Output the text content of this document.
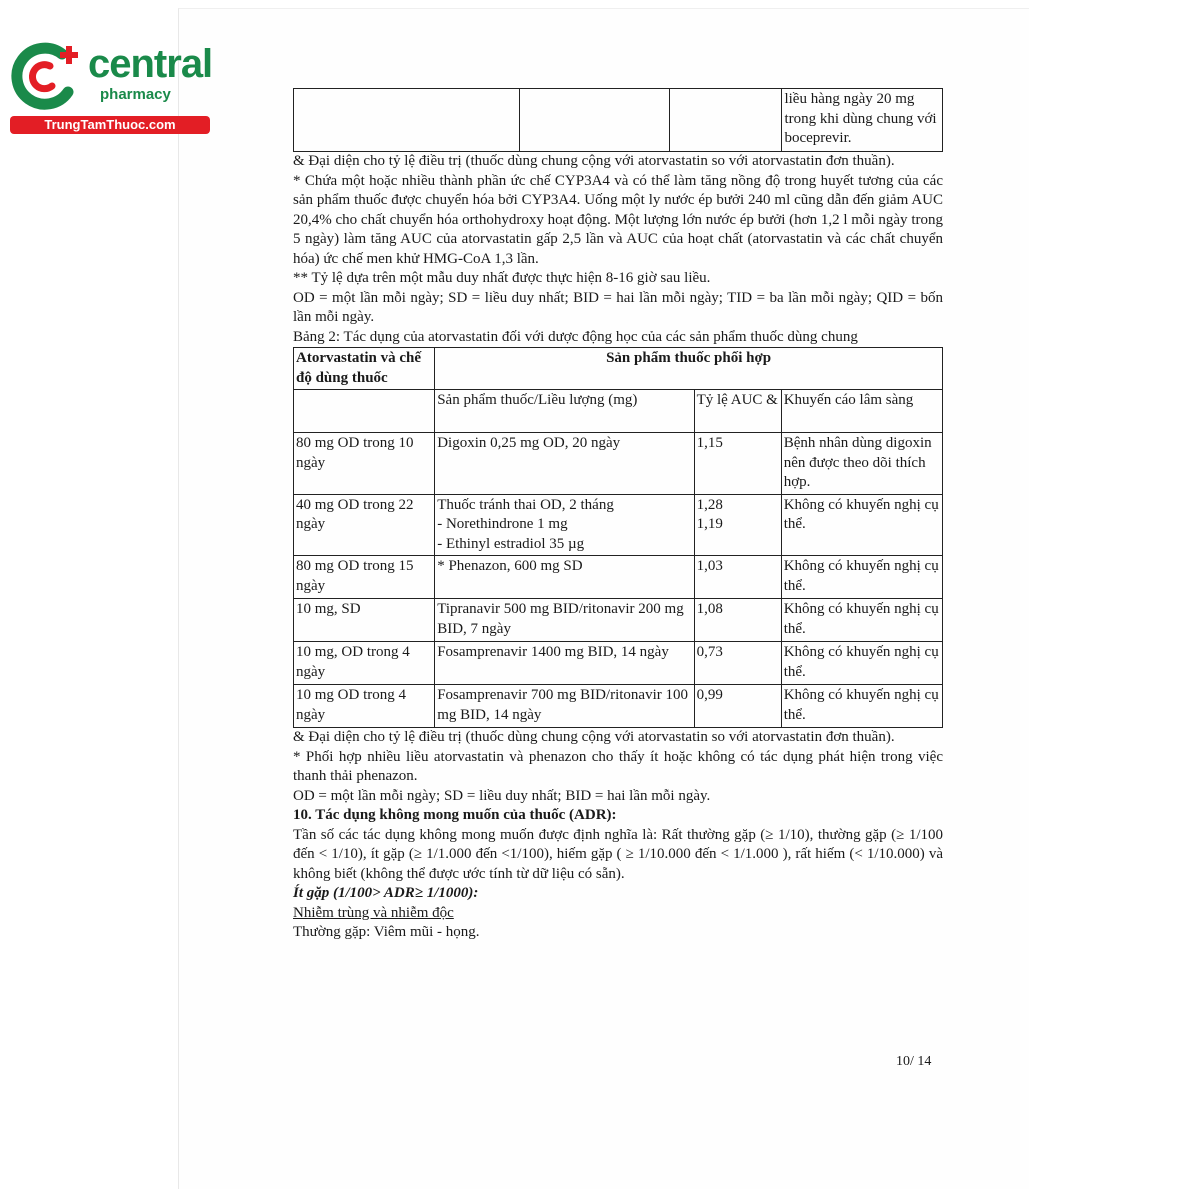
central
pharmacy
TrungTamThuoc.com
			liều hàng ngày 20 mg trong khi dùng chung với boceprevir.

& Đại diện cho tỷ lệ điều trị (thuốc dùng chung cộng với atorvastatin so với atorvastatin đơn thuần).

* Chứa một hoặc nhiều thành phần ức chế CYP3A4 và có thể làm tăng nồng độ trong huyết tương của các sản phẩm thuốc được chuyển hóa bởi CYP3A4. Uống một ly nước ép bưởi 240 ml cũng dẫn đến giảm AUC 20,4% cho chất chuyển hóa orthohydroxy hoạt động. Một lượng lớn nước ép bưởi (hơn 1,2 l mỗi ngày trong 5 ngày) làm tăng AUC của atorvastatin gấp 2,5 lần và AUC của hoạt chất (atorvastatin và các chất chuyển hóa) ức chế men khử HMG-CoA 1,3 lần.

** Tỷ lệ dựa trên một mẫu duy nhất được thực hiện 8-16 giờ sau liều.

OD = một lần mỗi ngày; SD = liều duy nhất; BID = hai lần mỗi ngày; TID = ba lần mỗi ngày; QID = bốn lần mỗi ngày.

Bảng 2: Tác dụng của atorvastatin đối với dược động học của các sản phẩm thuốc dùng chung

Atorvastatin và chế độ dùng thuốc	Sản phẩm thuốc phối hợp		
	Sản phẩm thuốc/Liều lượng (mg)	Tỷ lệ AUC &	Khuyến cáo lâm sàng
80 mg OD trong 10 ngày	Digoxin 0,25 mg OD, 20 ngày	1,15	Bệnh nhân dùng digoxin nên được theo dõi thích hợp.
40 mg OD trong 22 ngày	Thuốc tránh thai OD, 2 tháng
- Norethindrone 1 mg
- Ethinyl estradiol 35 µg	1,28
1,19	Không có khuyến nghị cụ thể.
80 mg OD trong 15 ngày	* Phenazon, 600 mg SD	1,03	Không có khuyến nghị cụ thể.
10 mg, SD	Tipranavir 500 mg BID/ritonavir 200 mg BID, 7 ngày	1,08	Không có khuyến nghị cụ thể.
10 mg, OD trong 4 ngày	Fosamprenavir 1400 mg BID, 14 ngày	0,73	Không có khuyến nghị cụ thể.
10 mg OD trong 4 ngày	Fosamprenavir 700 mg BID/ritonavir 100 mg BID, 14 ngày	0,99	Không có khuyến nghị cụ thể.

& Đại diện cho tỷ lệ điều trị (thuốc dùng chung cộng với atorvastatin so với atorvastatin đơn thuần).

* Phối hợp nhiều liều atorvastatin và phenazon cho thấy ít hoặc không có tác dụng phát hiện trong việc thanh thải phenazon.

OD = một lần mỗi ngày; SD = liều duy nhất; BID = hai lần mỗi ngày.

10. Tác dụng không mong muốn của thuốc (ADR):

Tần số các tác dụng không mong muốn được định nghĩa là: Rất thường gặp (≥ 1/10), thường gặp (≥ 1/100 đến < 1/10), ít gặp (≥ 1/1.000 đến <1/100), hiếm gặp ( ≥ 1/10.000 đến < 1/1.000 ), rất hiếm (< 1/10.000) và không biết (không thể được ước tính từ dữ liệu có sẵn).

Ít gặp (1/100> ADR≥ 1/1000):

Nhiễm trùng và nhiễm độc

Thường gặp: Viêm mũi - họng.

10/ 14
